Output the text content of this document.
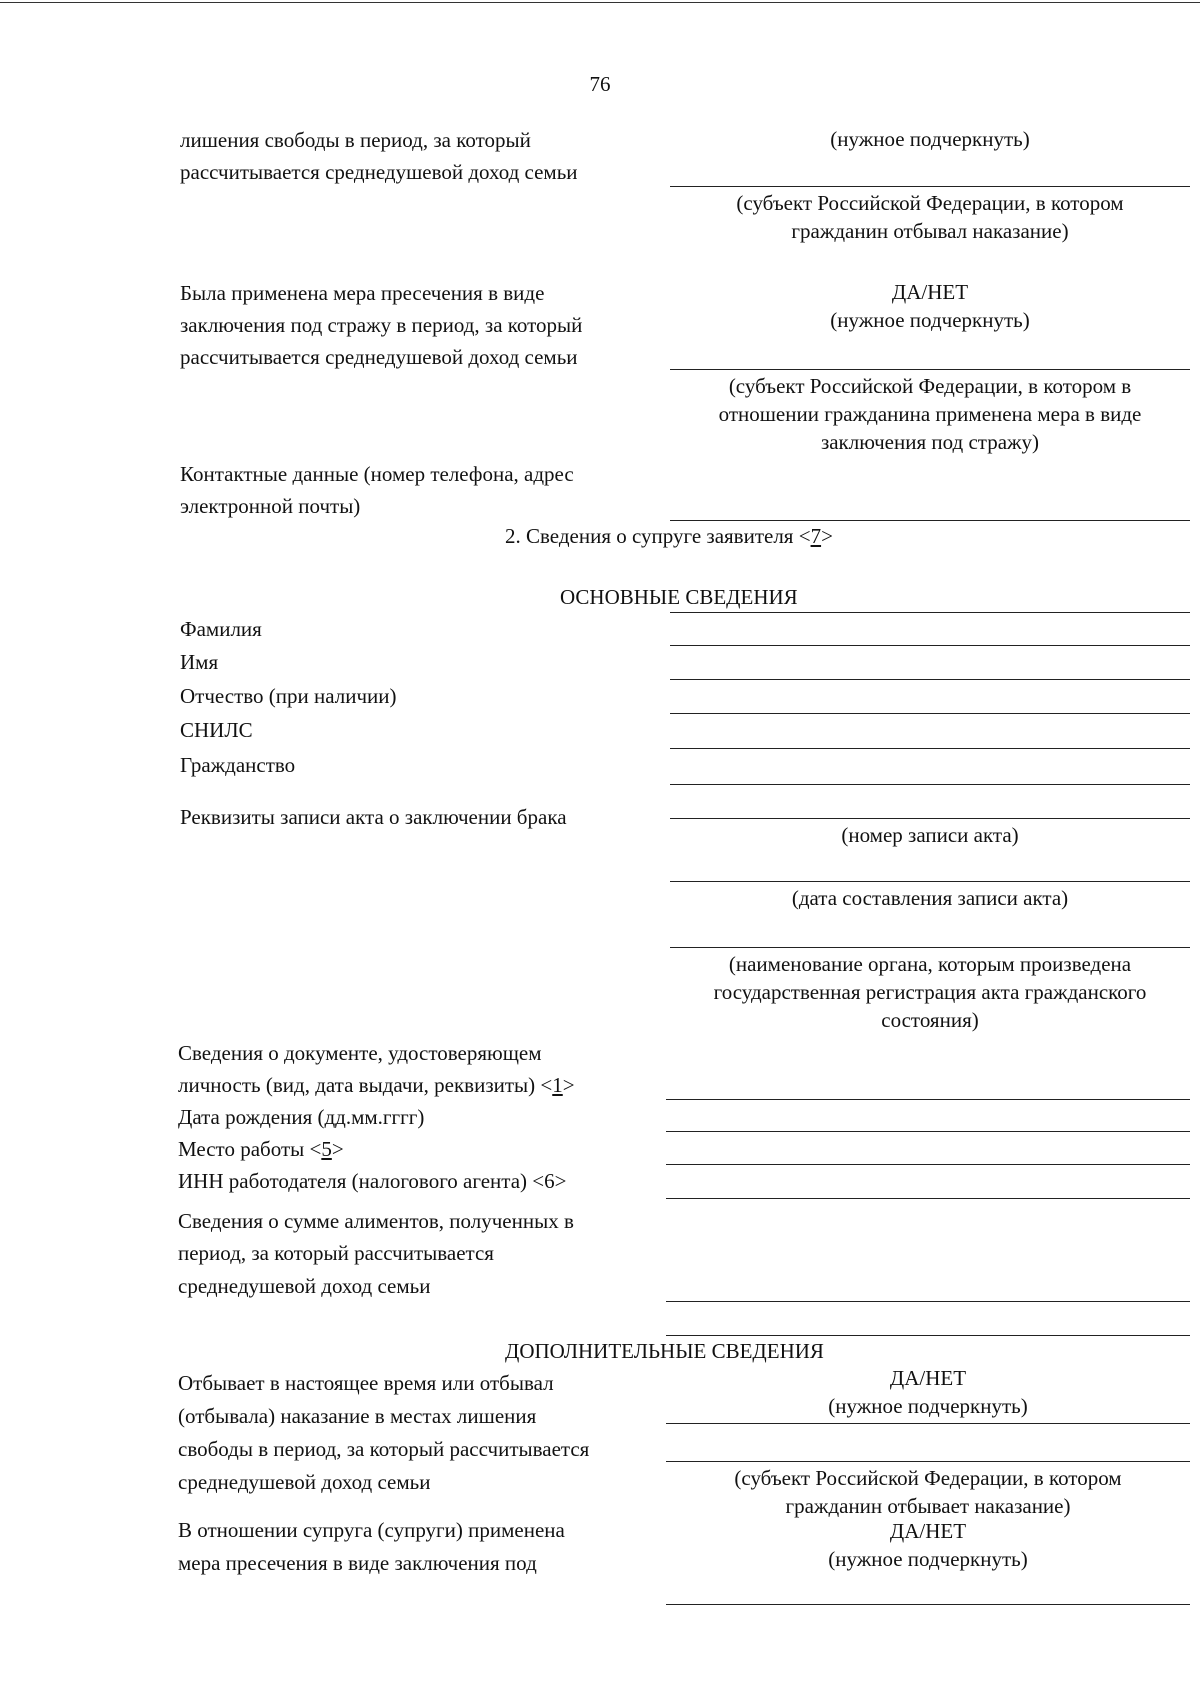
76
лишения свободы в период, за который
рассчитывается среднедушевой доход семьи
(нужное подчеркнуть)
(субъект Российской Федерации, в котором
гражданин отбывал наказание)
Была применена мера пресечения в виде
заключения под стражу в период, за который
рассчитывается среднедушевой доход семьи
ДА/НЕТ
(нужное подчеркнуть)
(субъект Российской Федерации, в котором в
отношении гражданина применена мера в виде
заключения под стражу)
Контактные данные (номер телефона, адрес
электронной почты)
2. Сведения о супруге заявителя <7>
ОСНОВНЫЕ СВЕДЕНИЯ
Фамилия
Имя
Отчество (при наличии)
СНИЛС
Гражданство
Реквизиты записи акта о заключении брака
(номер записи акта)
(дата составления записи акта)
(наименование органа, которым произведена
государственная регистрация акта гражданского
состояния)
Сведения о документе, удостоверяющем
личность (вид, дата выдачи, реквизиты) <1>
Дата рождения (дд.мм.гггг)
Место работы <5>
ИНН работодателя (налогового агента) <6>
Сведения о сумме алиментов, полученных в
период, за который рассчитывается
среднедушевой доход семьи
ДОПОЛНИТЕЛЬНЫЕ СВЕДЕНИЯ
Отбывает в настоящее время или отбывал
(отбывала) наказание в местах лишения
свободы в период, за который рассчитывается
среднедушевой доход семьи
ДА/НЕТ
(нужное подчеркнуть)
(субъект Российской Федерации, в котором
гражданин отбывает наказание)
В отношении супруга (супруги) применена
мера пресечения в виде заключения под
ДА/НЕТ
(нужное подчеркнуть)
